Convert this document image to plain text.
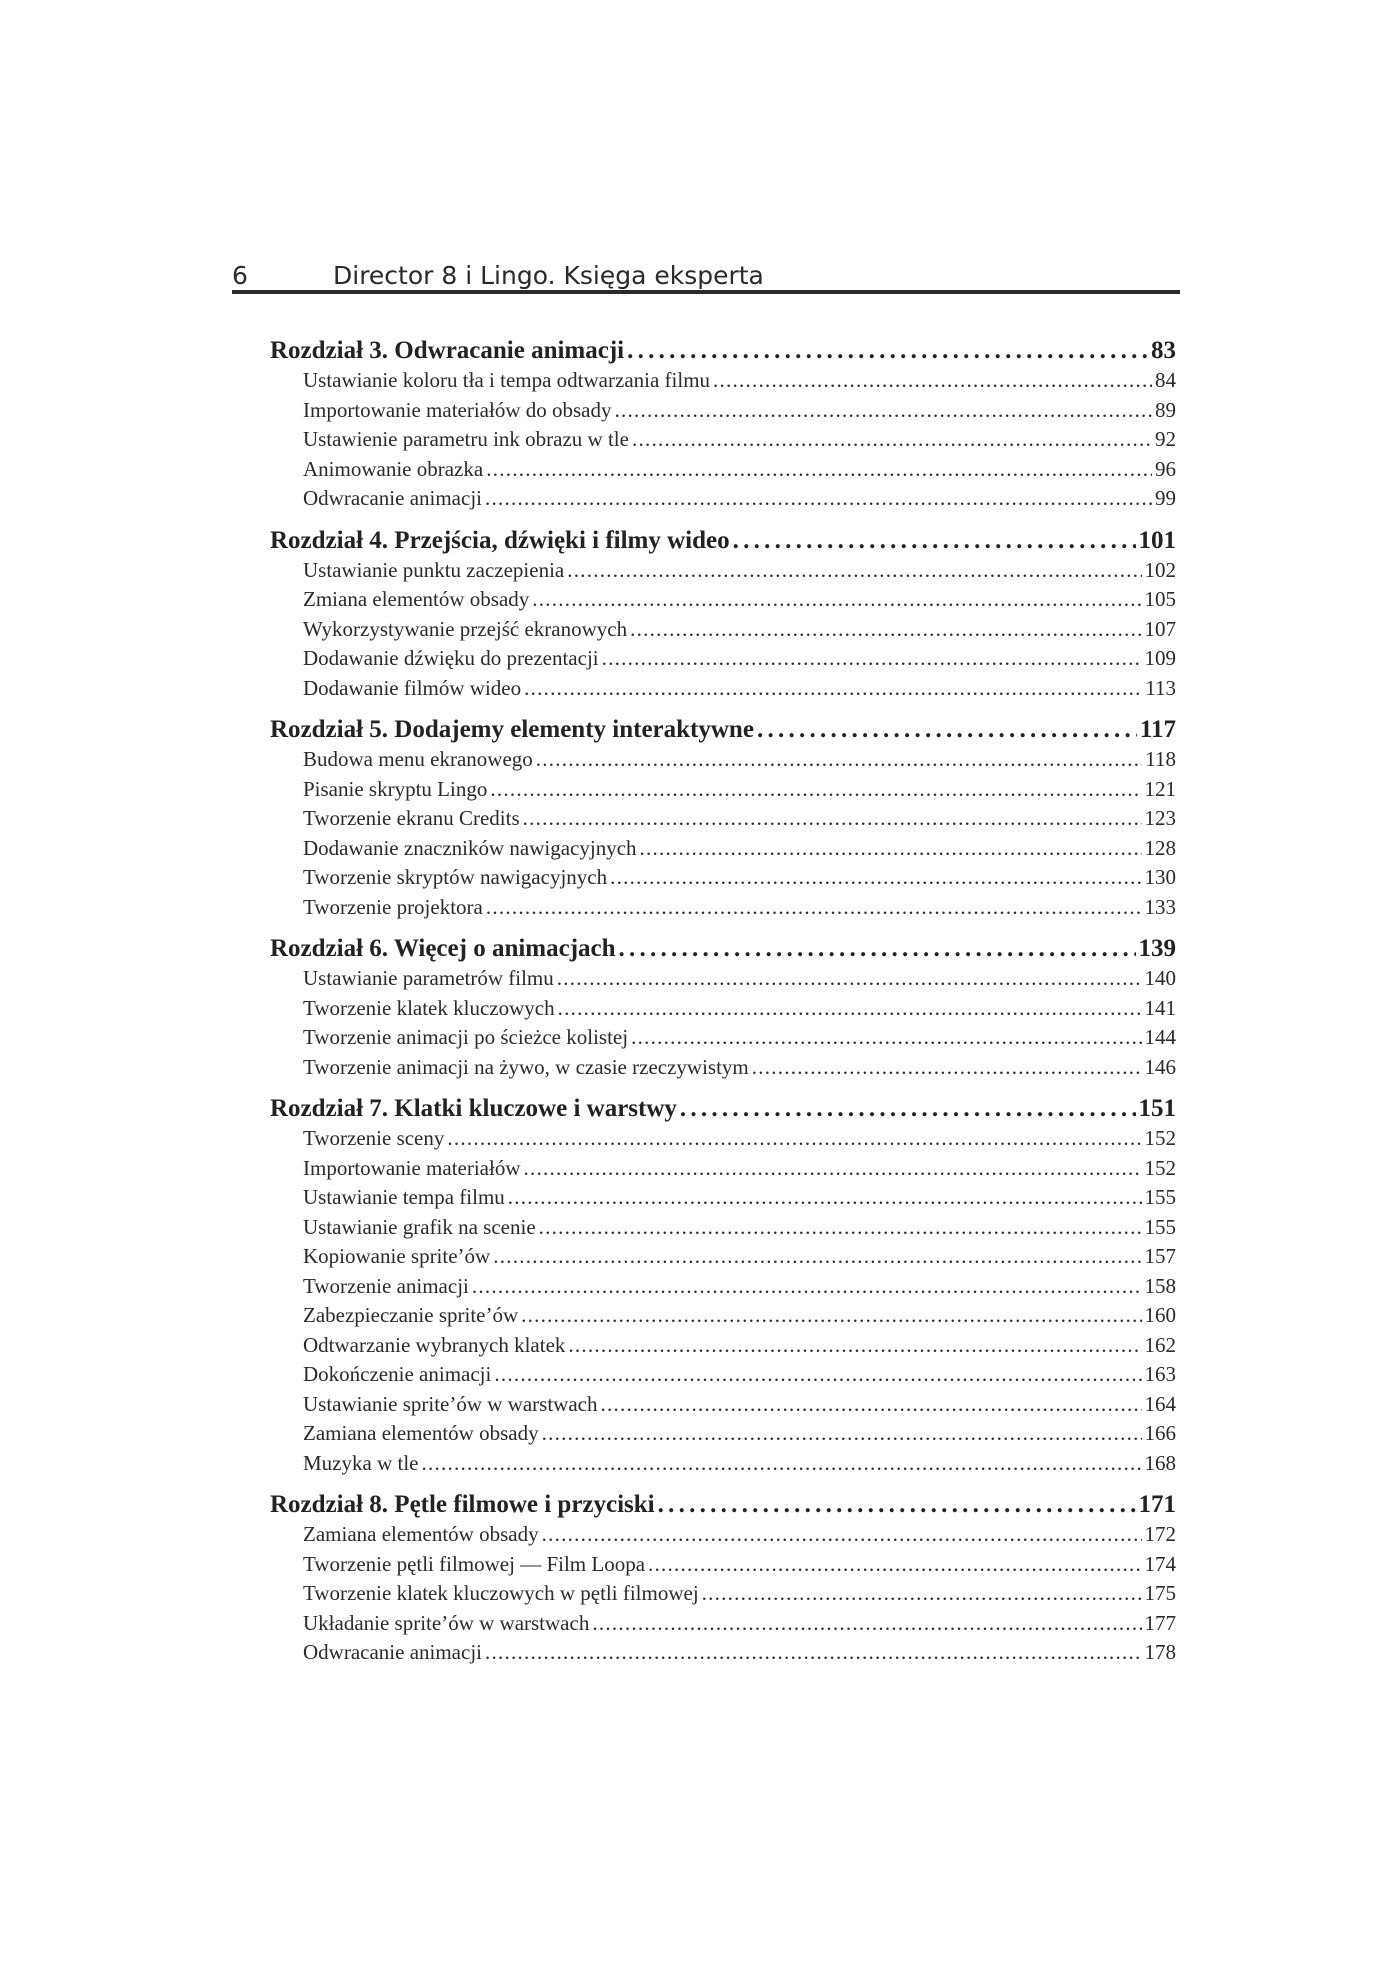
6	Director 8 i Lingo. Księga eksperta
Rozdział 3. Odwracanie animacji . . .	83
Ustawianie koloru tła i tempa odtwarzania filmu . . .	84
Importowanie materiałów do obsady . . .	89
Ustawienie parametru ink obrazu w tle . . .	92
Animowanie obrazka . . .	96
Odwracanie animacji . . .	99
Rozdział 4. Przejścia, dźwięki i filmy wideo . . .	101
Ustawianie punktu zaczepienia . . .	102
Zmiana elementów obsady . . .	105
Wykorzystywanie przejść ekranowych . . .	107
Dodawanie dźwięku do prezentacji . . .	109
Dodawanie filmów wideo . . .	113
Rozdział 5. Dodajemy elementy interaktywne . . .	117
Budowa menu ekranowego . . .	118
Pisanie skryptu Lingo . . .	121
Tworzenie ekranu Credits . . .	123
Dodawanie znaczników nawigacyjnych . . .	128
Tworzenie skryptów nawigacyjnych . . .	130
Tworzenie projektora . . .	133
Rozdział 6. Więcej o animacjach . . .	139
Ustawianie parametrów filmu . . .	140
Tworzenie klatek kluczowych . . .	141
Tworzenie animacji po ścieżce kolistej . . .	144
Tworzenie animacji na żywo, w czasie rzeczywistym . . .	146
Rozdział 7. Klatki kluczowe i warstwy . . .	151
Tworzenie sceny . . .	152
Importowanie materiałów . . .	152
Ustawianie tempa filmu . . .	155
Ustawianie grafik na scenie . . .	155
Kopiowanie sprite’ów . . .	157
Tworzenie animacji . . .	158
Zabezpieczanie sprite’ów . . .	160
Odtwarzanie wybranych klatek . . .	162
Dokończenie animacji . . .	163
Ustawianie sprite’ów w warstwach . . .	164
Zamiana elementów obsady . . .	166
Muzyka w tle . . .	168
Rozdział 8. Pętle filmowe i przyciski . . .	171
Zamiana elementów obsady . . .	172
Tworzenie pętli filmowej — Film Loopa . . .	174
Tworzenie klatek kluczowych w pętli filmowej . . .	175
Układanie sprite’ów w warstwach . . .	177
Odwracanie animacji . . .	178
